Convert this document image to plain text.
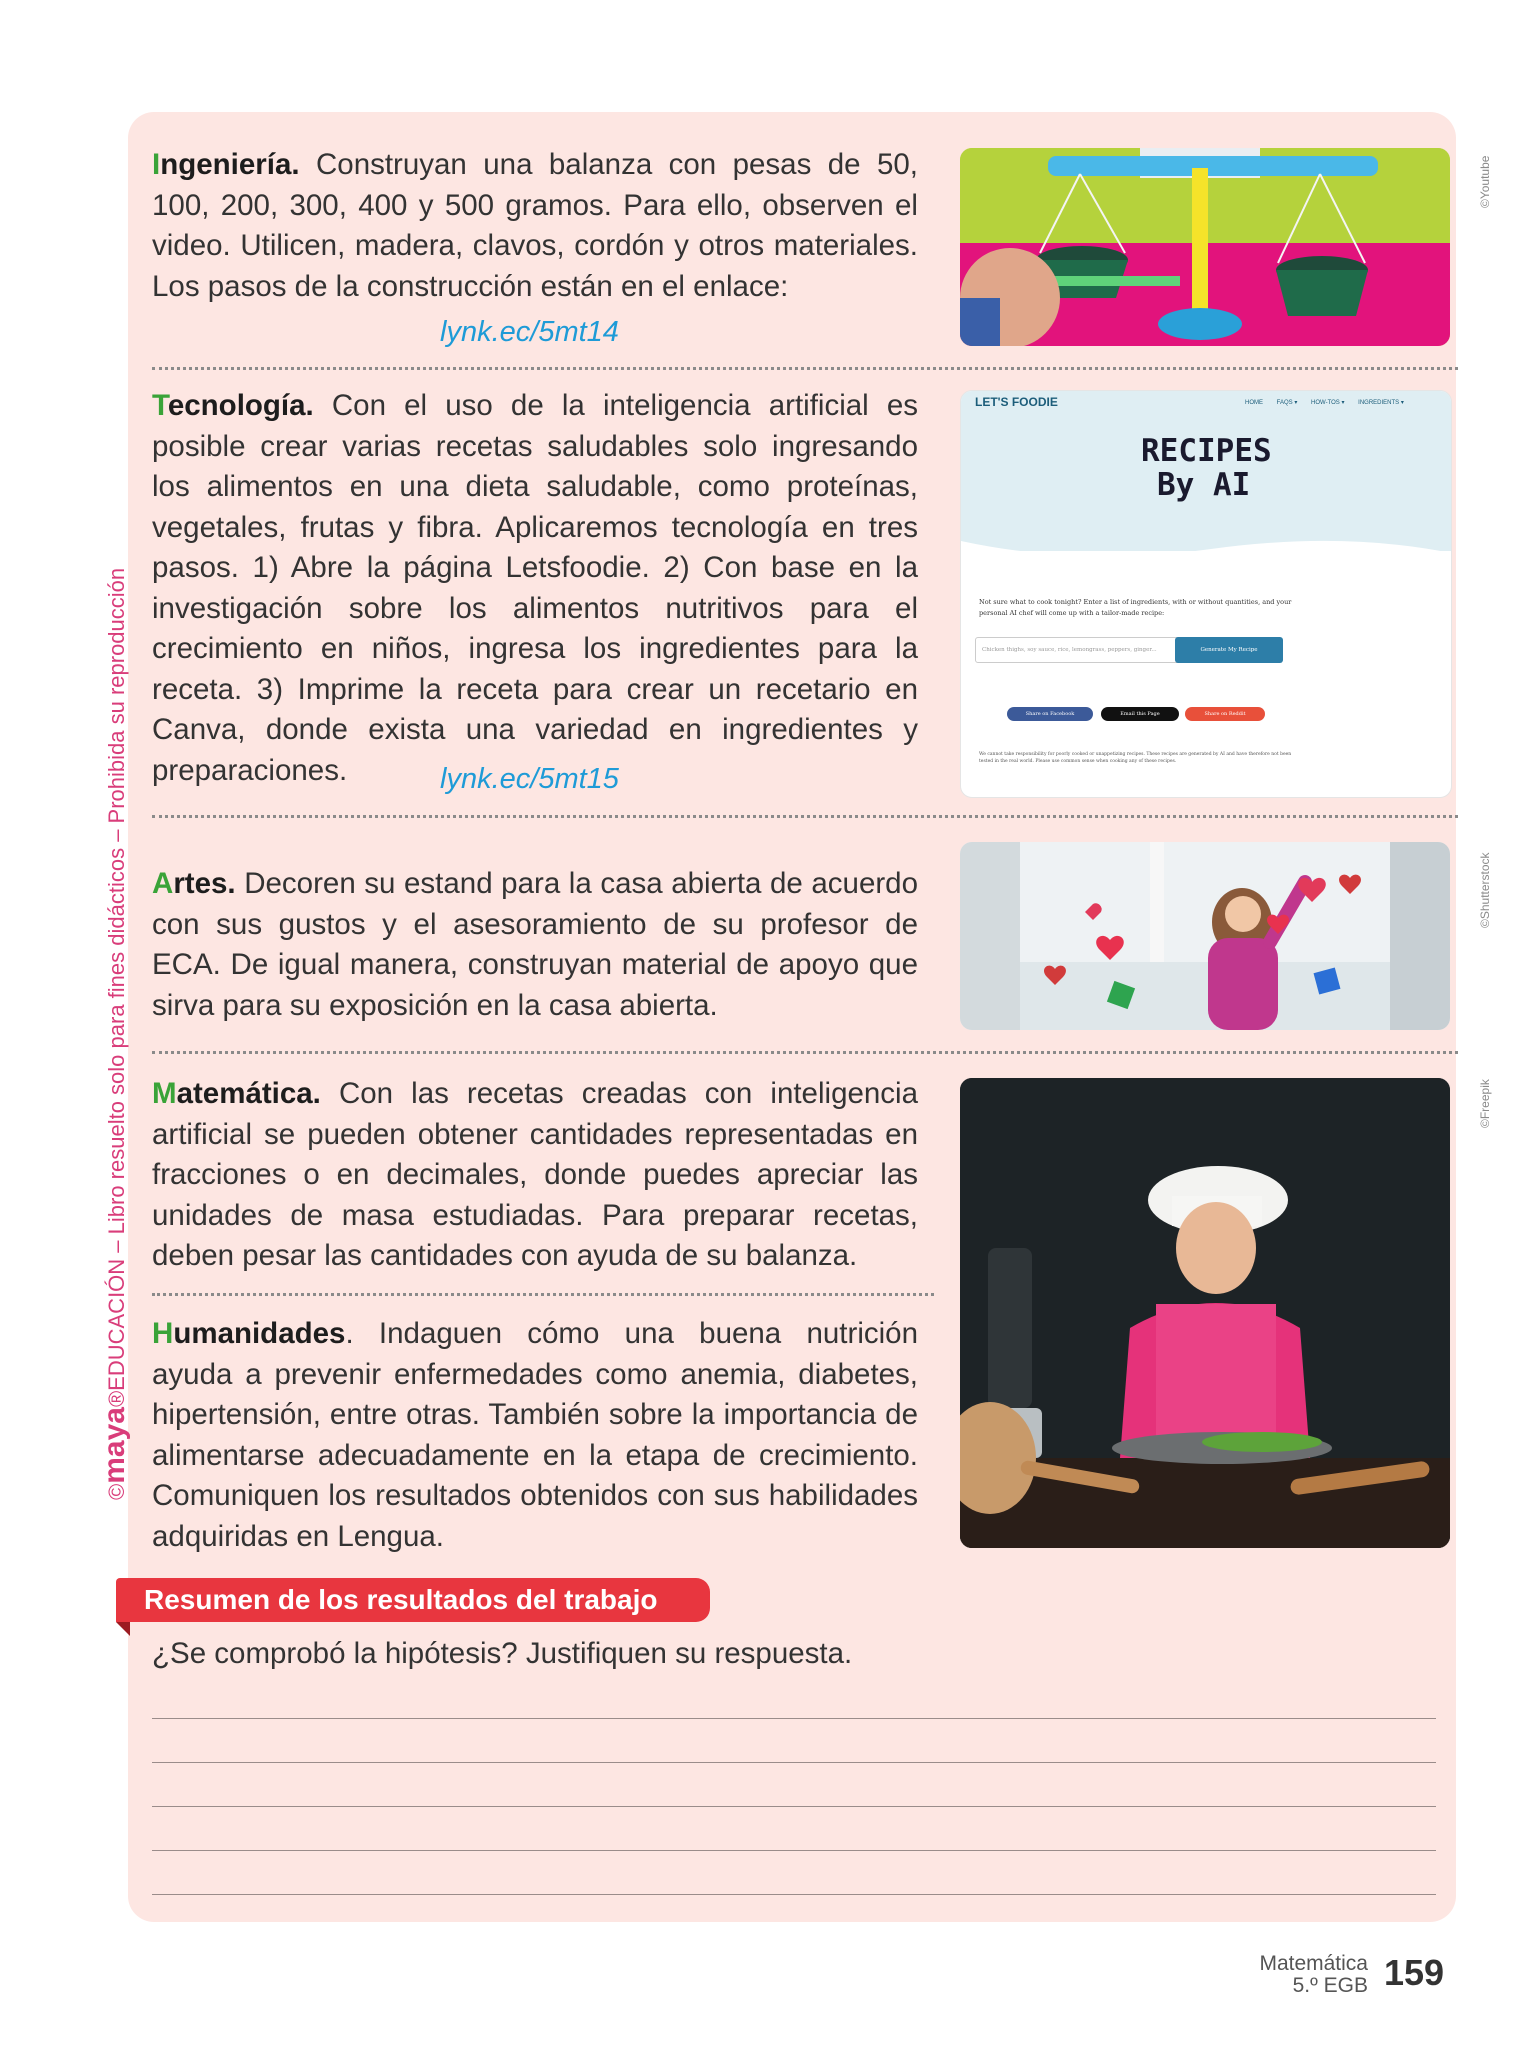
©maya®EDUCACIÓN – Libro resuelto solo para fines didácticos – Prohibida su reproducción
Ingeniería. Construyan una balanza con pesas de 50, 100, 200, 300, 400 y 500 gramos. Para ello, observen el video. Utilicen, madera, clavos, cordón y otros materiales. Los pasos de la construcción están en el enlace:
lynk.ec/5mt14
©Youtube
Tecnología. Con el uso de la inteligencia artificial es posible crear varias recetas saludables solo ingresando los alimentos en una dieta saludable, como proteínas, vegetales, frutas y fibra. Aplicaremos tecnología en tres pasos. 1) Abre la página Letsfoodie. 2) Con base en la investigación sobre los alimentos nutritivos para el crecimiento en niños, ingresa los ingredientes para la receta. 3) Imprime la receta para crear un recetario en Canva, donde exista una variedad en ingredientes y preparaciones.	lynk.ec/5mt15
LET'S FOODIE	HOME FAQS ▾ HOW-TOS ▾ INGREDIENTS ▾
RECIPES
By AI
Not sure what to cook tonight? Enter a list of ingredients, with or without quantities, and your personal AI chef will come up with a tailor-made recipe:
Chicken thighs, soy sauce, rice, lemongrass, peppers, ginger...	Generate My Recipe
Share on Facebook	Email this Page	Share on Reddit
We cannot take responsibility for poorly cooked or unappetizing recipes. These recipes are generated by AI and have therefore not been tested in the real world. Please use common sense when cooking any of these recipes.
Artes. Decoren su estand para la casa abierta de acuerdo con sus gustos y el asesoramiento de su profesor de ECA. De igual manera, construyan material de apoyo que sirva para su exposición en la casa abierta.
©Shutterstock
Matemática. Con las recetas creadas con inteligencia artificial se pueden obtener cantidades representadas en fracciones o en decimales, donde puedes apreciar las unidades de masa estudiadas. Para preparar recetas, deben pesar las cantidades con ayuda de su balanza.
Humanidades. Indaguen cómo una buena nutrición ayuda a prevenir enfermedades como anemia, diabetes, hipertensión, entre otras. También sobre la importancia de alimentarse adecuadamente en la etapa de crecimiento. Comuniquen los resultados obtenidos con sus habilidades adquiridas en Lengua.
©Freepik
Resumen de los resultados del trabajo
¿Se comprobó la hipótesis? Justifiquen su respuesta.
Matemática
5.º EGB 159
